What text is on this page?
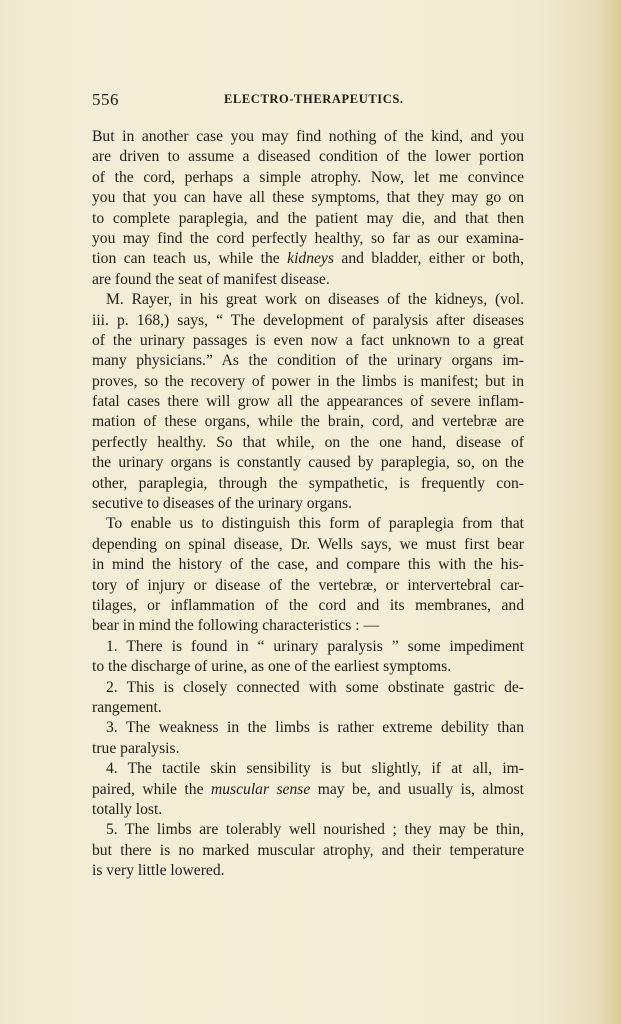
556	ELECTRO-THERAPEUTICS.
But in another case you may find nothing of the kind, and you
are driven to assume a diseased condition of the lower portion
of the cord, perhaps a simple atrophy. Now, let me convince
you that you can have all these symptoms, that they may go on
to complete paraplegia, and the patient may die, and that then
you may find the cord perfectly healthy, so far as our examina-
tion can teach us, while the kidneys and bladder, either or both,
are found the seat of manifest disease.
M. Rayer, in his great work on diseases of the kidneys, (vol.
iii. p. 168,) says, “ The development of paralysis after diseases
of the urinary passages is even now a fact unknown to a great
many physicians.” As the condition of the urinary organs im-
proves, so the recovery of power in the limbs is manifest; but in
fatal cases there will grow all the appearances of severe inflam-
mation of these organs, while the brain, cord, and vertebræ are
perfectly healthy. So that while, on the one hand, disease of
the urinary organs is constantly caused by paraplegia, so, on the
other, paraplegia, through the sympathetic, is frequently con-
secutive to diseases of the urinary organs.
To enable us to distinguish this form of paraplegia from that
depending on spinal disease, Dr. Wells says, we must first bear
in mind the history of the case, and compare this with the his-
tory of injury or disease of the vertebræ, or intervertebral car-
tilages, or inflammation of the cord and its membranes, and
bear in mind the following characteristics : —
1. There is found in “ urinary paralysis ” some impediment
to the discharge of urine, as one of the earliest symptoms.
2. This is closely connected with some obstinate gastric de-
rangement.
3. The weakness in the limbs is rather extreme debility than
true paralysis.
4. The tactile skin sensibility is but slightly, if at all, im-
paired, while the muscular sense may be, and usually is, almost
totally lost.
5. The limbs are tolerably well nourished ; they may be thin,
but there is no marked muscular atrophy, and their temperature
is very little lowered.
